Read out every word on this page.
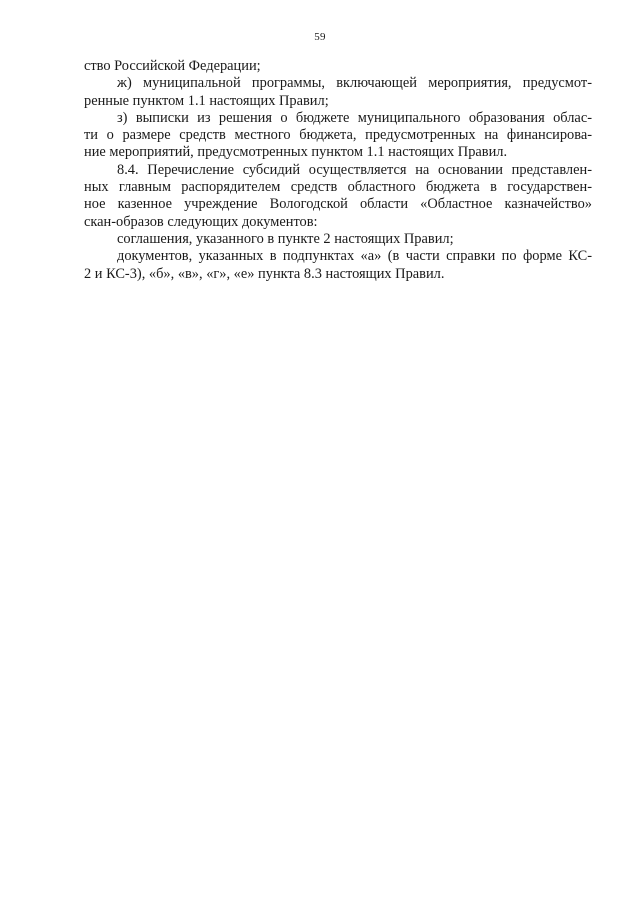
59
ство Российской Федерации;
ж) муниципальной программы, включающей мероприятия, предусмот-
ренные пунктом 1.1 настоящих Правил;
з) выписки из решения о бюджете муниципального образования облас-
ти о размере средств местного бюджета, предусмотренных на финансирова-
ние мероприятий, предусмотренных пунктом 1.1 настоящих Правил.
8.4. Перечисление субсидий осуществляется на основании представлен-
ных главным распорядителем средств областного бюджета в государствен-
ное казенное учреждение Вологодской области «Областное казначейство»
скан-образов следующих документов:
соглашения, указанного в пункте 2 настоящих Правил;
документов, указанных в подпунктах «а» (в части справки по форме КС-
2 и КС-3), «б», «в», «г», «е» пункта 8.3 настоящих Правил.
